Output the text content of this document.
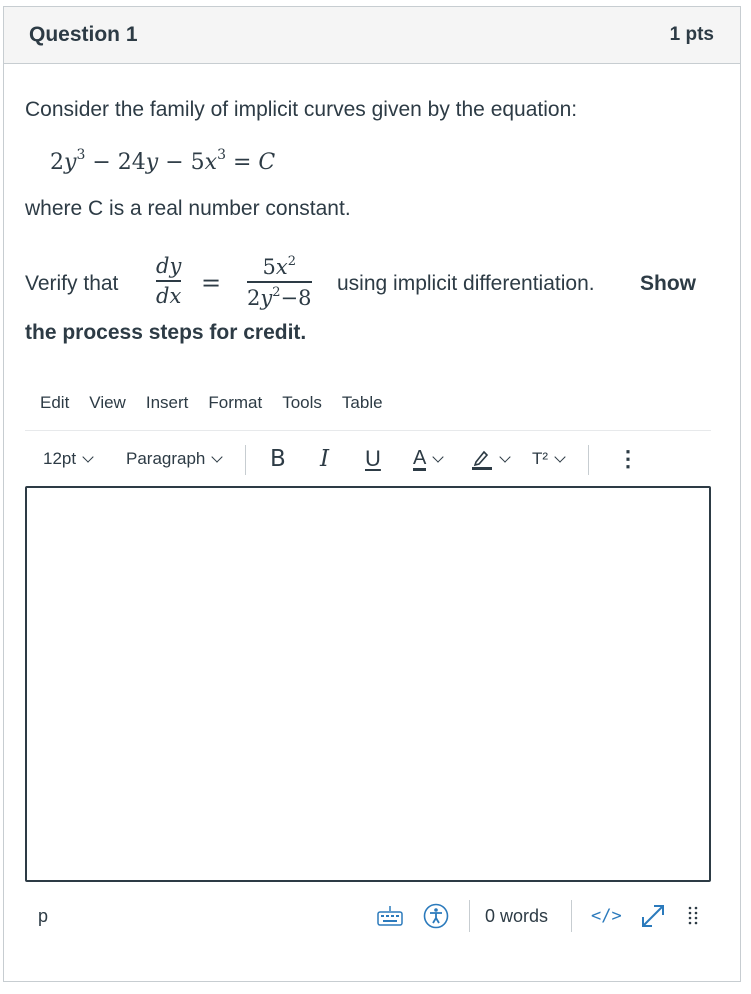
Question 1	1 pts
Consider the family of implicit curves given by the equation:
$2y^3 - 24y - 5x^3 = C$
where C is a real number constant.
Verify that
dy
dx =
$5x^2$
$2y^2-8$
using implicit differentiation. Show
the process steps for credit.
Edit View Insert Format Tools Table
12pt	Paragraph	B I U A	T²	⋮
p	0 words	</>
